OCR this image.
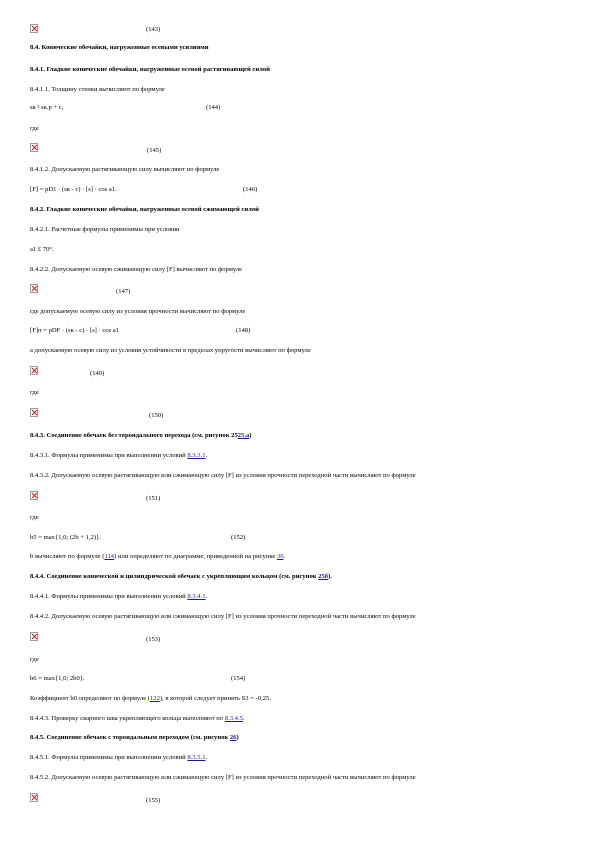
(143)
8.4. Конические обечайки, нагруженные осевыми усилиями
8.4.1. Гладкие конические обечайки, нагруженные осевой растягивающей силой
8.4.1.1. Толщину стенки вычисляют по формуле
sк ³ sк.р + c,	(144)
где
(145)
8.4.1.2. Допускаемую растягивающую силу вычисляют по формуле
[F] = pD1 · (sк - c) · [s] · cos a1.	(146)
8.4.2. Гладкие конические обечайки, нагруженные осевой сжимающей силой
8.4.2.1. Расчетные формулы применимы при условии
a1 £ 70°.
8.4.2.2. Допускаемую осевую сжимающую силу [F] вычисляют по формуле
(147)
где допускаемую осевую силу из условия прочности вычисляют по формуле
[F]п = pDF · (sк - c) · [s] · cos a1	(148)
а допускаемую осевую силу из условия устойчивости в пределах упругости вычисляют по формуле
(149)
где
(150)
8.4.3. Соединение обечаек без тороидального перехода (см. рисунок 2525,а)
8.4.3.1. Формулы применимы при выполнении условий 8.3.3.1.
8.4.3.2. Допускаемую осевую растягивающую или сжимающую силу [F] из условия прочности переходной части вычисляют по формуле
(151)
где
b5 = max{1,0; (2b + 1,2)}.	(152)
b вычисляют по формуле (114) или определяют по диаграмме, приведенной на рисунке 30.
8.4.4. Соединение конической и цилиндрической обечаек с укрепляющим кольцом (см. рисунок 25б).
8.4.4.1. Формулы применимы при выполнении условий 8.3.4.1.
8.4.4.2. Допускаемую осевую растягивающую или сжимающую силу [F] из условия прочности переходной части вычисляют по формуле
(153)
где
b6 = max{1,0; 2b0}.	(154)
Коэффициент b0 определяют по формуле (122), в которой следует принять S3 = -0,25.
8.4.4.3. Проверку сварного шва укрепляющего кольца выполняют по 8.3.4.5.
8.4.5. Соединение обечаек с тороидальным переходом (см. рисунок 26)
8.4.5.1. Формулы применимы при выполнении условий 8.3.5.1.
8.4.5.2. Допускаемую осевую растягивающую или сжимающую силу [F] из условия прочности переходной части вычисляют по формуле
(155)
